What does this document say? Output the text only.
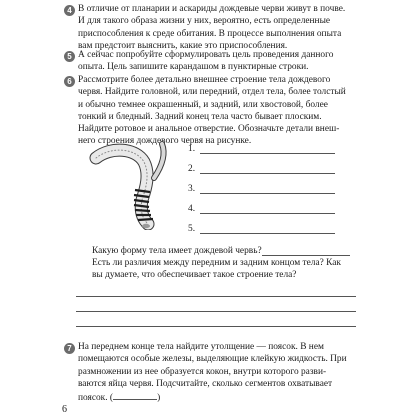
4 В отличие от планарии и аскариды дождевые черви живут в почве.
И для такого образа жизни у них, вероятно, есть определенные
приспособления к среде обитания. В процессе выполнения опыта
вам предстоит выяснить, какие это приспособления.
5 А сейчас попробуйте сформулировать цель проведения данного
опыта. Цель запишите карандашом в пунктирные строки.
6 Рассмотрите более детально внешнее строение тела дождевого
червя. Найдите головной, или передний, отдел тела, более толстый
и обычно темнее окрашенный, и задний, или хвостовой, более
тонкий и бледный. Задний конец тела часто бывает плоским.
Найдите ротовое и анальное отверстие. Обозначьте детали внеш-
него строения дождевого червя на рисунке.
1.
2.
3.
4.
5.
Какую форму тела имеет дождевой червь?
Есть ли различия между передним и задним концом тела? Как
вы думаете, что обеспечивает такое строение тела?
7 На переднем конце тела найдите утолщение — поясок. В нем
помещаются особые железы, выделяющие клейкую жидкость. При
размножении из нее образуется кокон, внутри которого разви-
ваются яйца червя. Подсчитайте, сколько сегментов охватывает
поясок. (	)
6
